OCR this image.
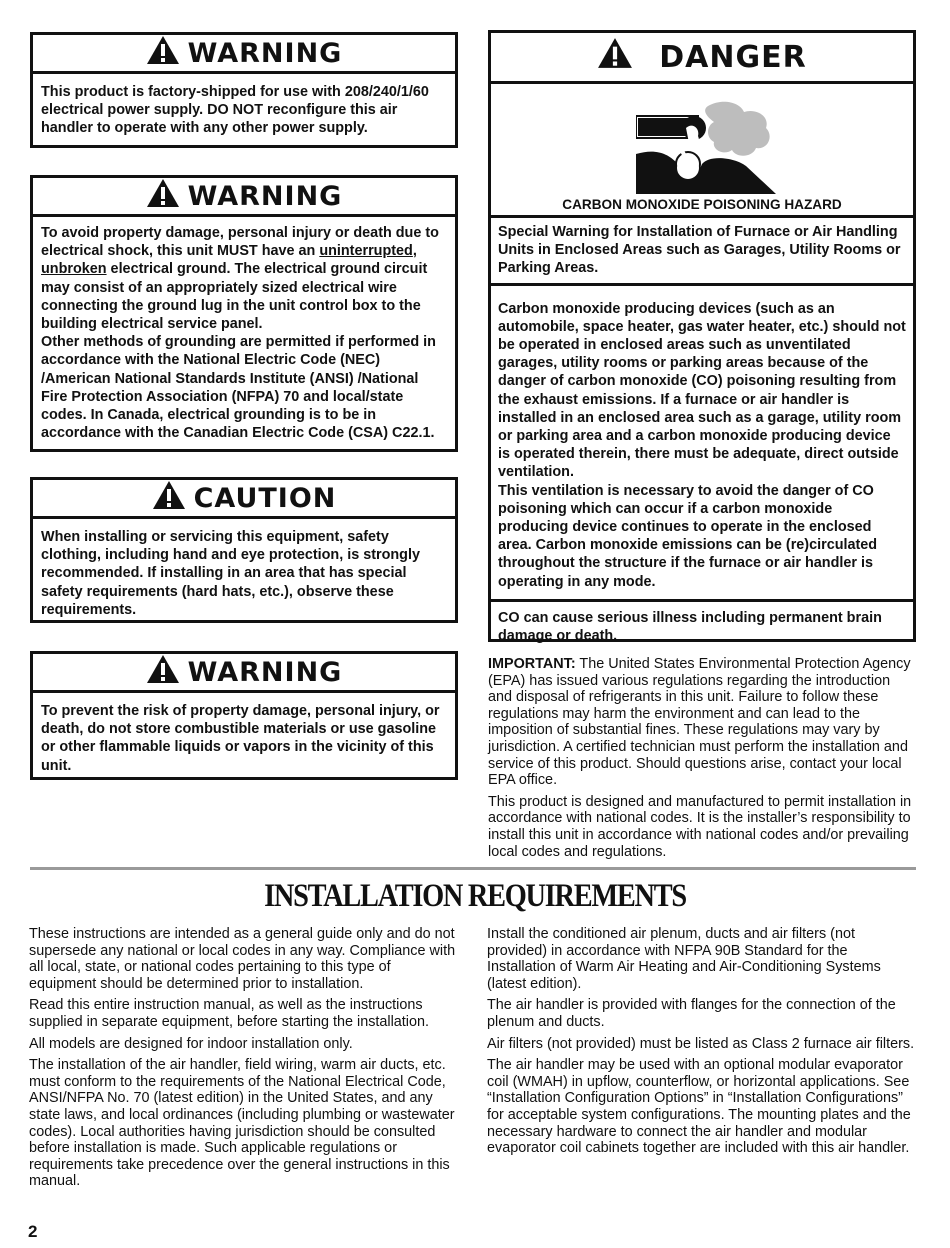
WARNING
This product is factory-shipped for use with 208/240/1/60 electrical power supply. DO NOT reconfigure this air handler to operate with any other power supply.
WARNING
To avoid property damage, personal injury or death due to electrical shock, this unit MUST have an uninterrupted, unbroken electrical ground. The electrical ground circuit may consist of an appropriately sized electrical wire connecting the ground lug in the unit control box to the building electrical service panel.
Other methods of grounding are permitted if performed in accordance with the National Electric Code (NEC) /American National Standards Institute (ANSI) /National Fire Protection Association (NFPA) 70 and local/state codes. In Canada, electrical grounding is to be in accordance with the Canadian Electric Code (CSA) C22.1.
CAUTION
When installing or servicing this equipment, safety clothing, including hand and eye protection, is strongly recommended. If installing in an area that has special safety requirements (hard hats, etc.), observe these requirements.
WARNING
To prevent the risk of property damage, personal injury, or death, do not store combustible materials or use gasoline or other flammable liquids or vapors in the vicinity of this unit.
DANGER
CARBON MONOXIDE POISONING HAZARD
Special Warning for Installation of Furnace or Air Handling Units in Enclosed Areas such as Garages, Utility Rooms or Parking Areas.
Carbon monoxide producing devices (such as an automobile, space heater, gas water heater, etc.) should not be operated in enclosed areas such as unventilated garages, utility rooms or parking areas because of the danger of carbon monoxide (CO) poisoning resulting from the exhaust emissions. If a furnace or air handler is installed in an enclosed area such as a garage, utility room or parking area and a carbon monoxide producing device is operated therein, there must be adequate, direct outside ventilation.
This ventilation is necessary to avoid the danger of CO poisoning which can occur if a carbon monoxide producing device continues to operate in the enclosed area. Carbon monoxide emissions can be (re)circulated throughout the structure if the furnace or air handler is operating in any mode.
CO can cause serious illness including permanent brain damage or death.

IMPORTANT: The United States Environmental Protection Agency (EPA) has issued various regulations regarding the introduction and disposal of refrigerants in this unit. Failure to follow these regulations may harm the environment and can lead to the imposition of substantial fines. These regulations may vary by jurisdiction. A certified technician must perform the installation and service of this product. Should questions arise, contact your local EPA office.

This product is designed and manufactured to permit installation in accordance with national codes. It is the installer’s responsibility to install this unit in accordance with national codes and/or prevailing local codes and regulations.

INSTALLATION REQUIREMENTS

These instructions are intended as a general guide only and do not supersede any national or local codes in any way. Compliance with all local, state, or national codes pertaining to this type of equipment should be determined prior to installation.

Read this entire instruction manual, as well as the instructions supplied in separate equipment, before starting the installation.

All models are designed for indoor installation only.

The installation of the air handler, field wiring, warm air ducts, etc. must conform to the requirements of the National Electrical Code, ANSI/NFPA No. 70 (latest edition) in the United States, and any state laws, and local ordinances (including plumbing or wastewater codes). Local authorities having jurisdiction should be consulted before installation is made. Such applicable regulations or requirements take precedence over the general instructions in this manual.

Install the conditioned air plenum, ducts and air filters (not provided) in accordance with NFPA 90B Standard for the Installation of Warm Air Heating and Air-Conditioning Systems (latest edition).

The air handler is provided with flanges for the connection of the plenum and ducts.

Air filters (not provided) must be listed as Class 2 furnace air filters.

The air handler may be used with an optional modular evaporator coil (WMAH) in upflow, counterflow, or horizontal applications. See “Installation Configuration Options” in “Installation Configurations” for acceptable system configurations. The mounting plates and the necessary hardware to connect the air handler and modular evaporator coil cabinets together are included with this air handler.

2
